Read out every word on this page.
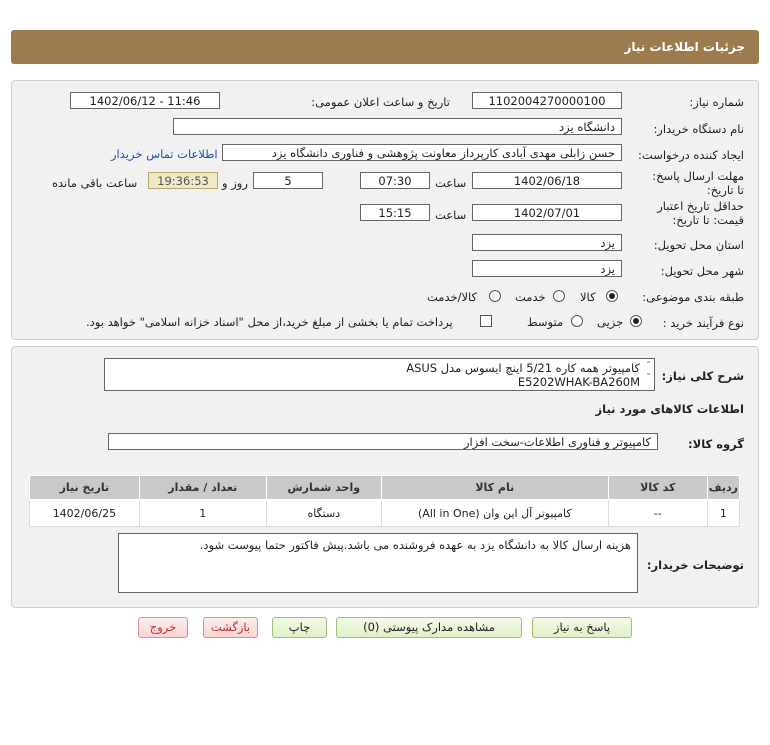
جزئیات اطلاعات نیاز
شماره نیاز:
1102004270000100
تاریخ و ساعت اعلان عمومی:
1402/06/12 - 11:46
نام دستگاه خریدار:
دانشگاه یزد
ایجاد کننده درخواست:
حسن زابلی مهدی آبادی کارپرداز معاونت پژوهشی و فناوری دانشگاه یزد
اطلاعات تماس خریدار
مهلت ارسال پاسخ: تا تاریخ:
1402/06/18
ساعت
07:30
5
روز و
19:36:53
ساعت باقی مانده
حداقل تاریخ اعتبار قیمت: تا تاریخ:
1402/07/01
ساعت
15:15
استان محل تحویل:
یزد
شهر محل تحویل:
یزد
طبقه بندی موضوعی:
کالا
خدمت
کالا/خدمت
نوع فرآیند خرید :
جزیی
متوسط
پرداخت تمام یا بخشی از مبلغ خرید،از محل "اسناد خزانه اسلامی" خواهد بود.
شرح کلی نیاز:
کامپیوتر همه کاره 5/21 اینچ ایسوس مدل ASUS
E5202WHAK-BA260M
⌃
⌄
اطلاعات کالاهای مورد نیاز
گروه کالا:
کامپیوتر و فناوری اطلاعات-سخت افزار
ردیف	کد کالا	نام کالا	واحد شمارش	تعداد / مقدار	تاریخ نیاز
1	--	کامپیوتر آل این وان (All in One)	دستگاه	1	1402/06/25
توضیحات خریدار:
هزینه ارسال کالا به دانشگاه یزد به عهده فروشنده می باشد.پیش فاکتور حتما پیوست شود.
پاسخ به نیاز
مشاهده مدارک پیوستی (0)
چاپ
بازگشت
خروج
